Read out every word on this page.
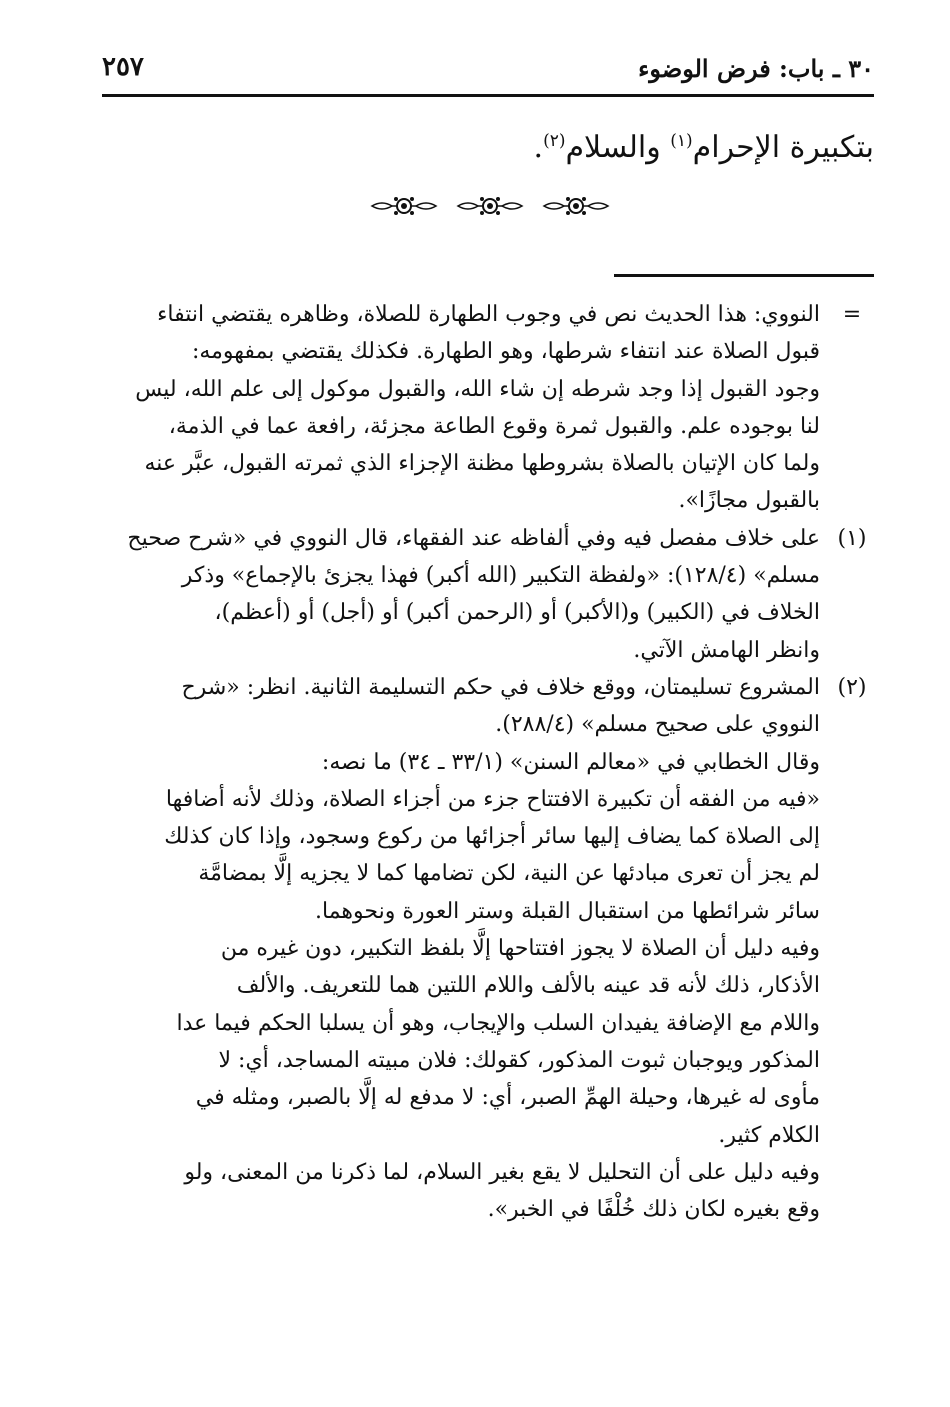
٣٠ ـ باب: فرض الوضوء
٢٥٧
بتكبيرة الإحرام$^{(١)}$ والسلام$^{(٢)}$.
=

النووي: هذا الحديث نص في وجوب الطهارة للصلاة، وظاهره يقتضي انتفاء
قبول الصلاة عند انتفاء شرطها، وهو الطهارة. فكذلك يقتضي بمفهومه:
وجود القبول إذا وجد شرطه إن شاء الله، والقبول موكول إلى علم الله، ليس
لنا بوجوده علم. والقبول ثمرة وقوع الطاعة مجزئة، رافعة عما في الذمة،
ولما كان الإتيان بالصلاة بشروطها مظنة الإجزاء الذي ثمرته القبول، عبَّر عنه
بالقبول مجازًا».

(١)

على خلاف مفصل فيه وفي ألفاظه عند الفقهاء، قال النووي في «شرح صحيح
مسلم» (١٢٨/٤): «ولفظة التكبير (الله أكبر) فهذا يجزئ بالإجماع» وذكر
الخلاف في (الكبير) و(الأكبر) أو (الرحمن أكبر) أو (أجل) أو (أعظم)،
وانظر الهامش الآتي.

(٢)

المشروع تسليمتان، ووقع خلاف في حكم التسليمة الثانية. انظر: «شرح
النووي على صحيح مسلم» (٢٨٨/٤).
وقال الخطابي في «معالم السنن» (٣٣/١ ـ ٣٤) ما نصه:
«فيه من الفقه أن تكبيرة الافتتاح جزء من أجزاء الصلاة، وذلك لأنه أضافها
إلى الصلاة كما يضاف إليها سائر أجزائها من ركوع وسجود، وإذا كان كذلك
لم يجز أن تعرى مبادئها عن النية، لكن تضامها كما لا يجزيه إلَّا بمضامَّة
سائر شرائطها من استقبال القبلة وستر العورة ونحوهما.
وفيه دليل أن الصلاة لا يجوز افتتاحها إلَّا بلفظ التكبير، دون غيره من
الأذكار، ذلك لأنه قد عينه بالألف واللام اللتين هما للتعريف. والألف
واللام مع الإضافة يفيدان السلب والإيجاب، وهو أن يسلبا الحكم فيما عدا
المذكور ويوجبان ثبوت المذكور، كقولك: فلان مبيته المساجد، أي: لا
مأوى له غيرها، وحيلة الهمِّ الصبر، أي: لا مدفع له إلَّا بالصبر، ومثله في
الكلام كثير.
وفيه دليل على أن التحليل لا يقع بغير السلام، لما ذكرنا من المعنى، ولو
وقع بغيره لكان ذلك خُلْفًا في الخبر».
